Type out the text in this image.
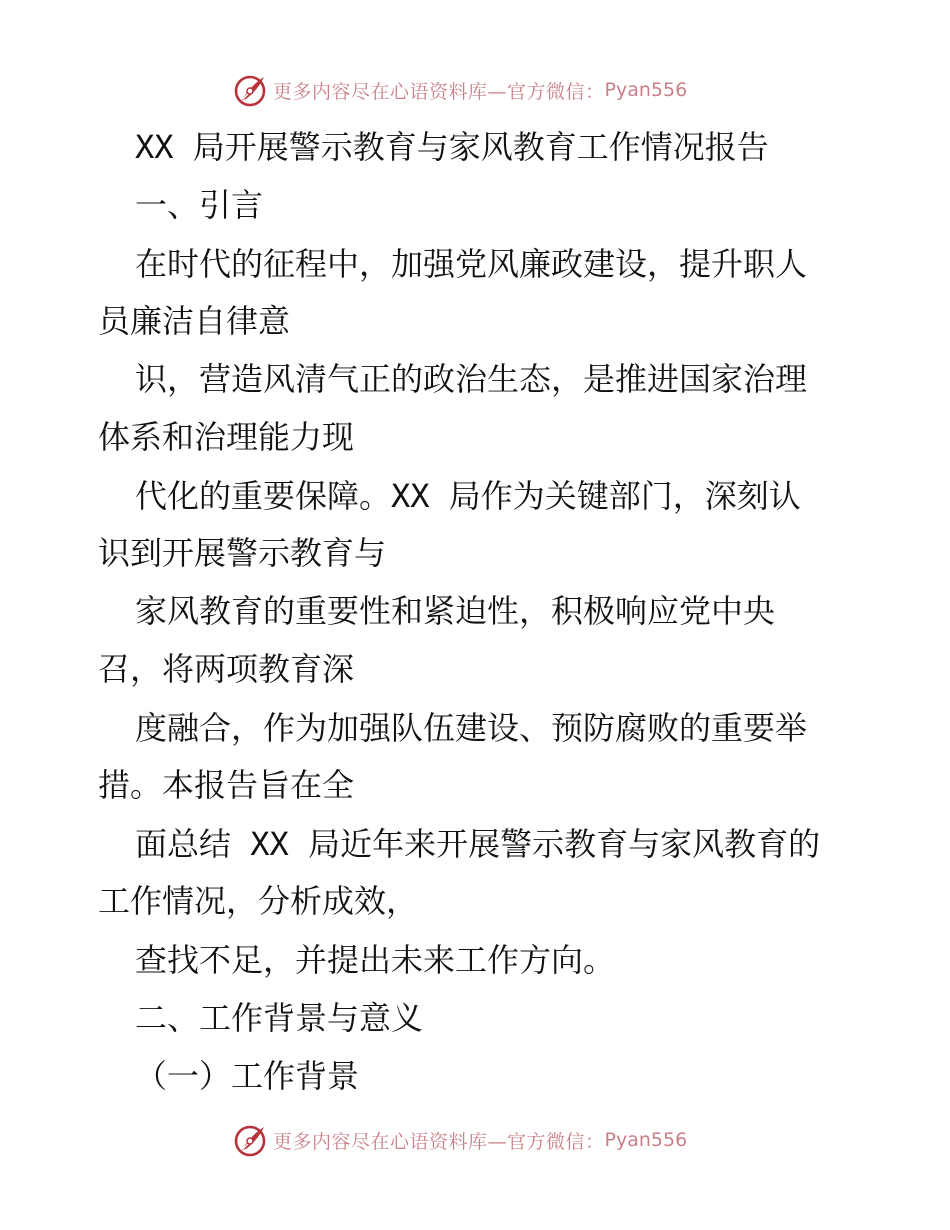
更多内容尽在心语资料库—官方微信： Pyan556
XX 局开展警示教育与家风教育工作情况报告
一、引言
在时代的征程中，加强党风廉政建设，提升职人
员廉洁自律意
识，营造风清气正的政治生态，是推进国家治理
体系和治理能力现
代化的重要保障。XX 局作为关键部门，深刻认
识到开展警示教育与
家风教育的重要性和紧迫性，积极响应党中央
召，将两项教育深
度融合，作为加强队伍建设、预防腐败的重要举
措。本报告旨在全
面总结 XX 局近年来开展警示教育与家风教育的
工作情况，分析成效，
查找不足，并提出未来工作方向。
二、工作背景与意义
（一）工作背景
更多内容尽在心语资料库—官方微信： Pyan556
